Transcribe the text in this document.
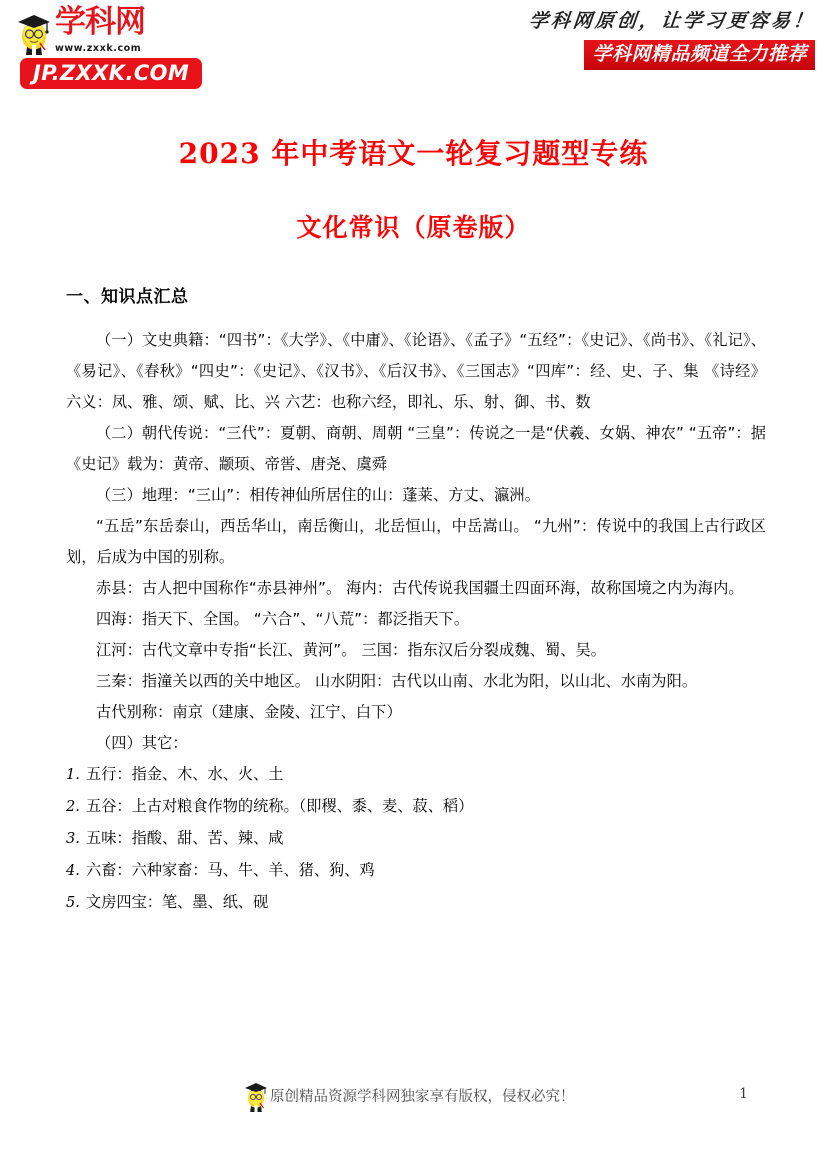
学科网 www.zxxk.com
JP.ZXXK.COM
学科网原创，让学习更容易！
学科网精品频道全力推荐
2023 年中考语文一轮复习题型专练
文化常识（原卷版）
一、知识点汇总

（一）文史典籍：“四书”：《大学》、《中庸》、《论语》、《孟子》“五经”：《史记》、《尚书》、《礼记》、《易记》、《春秋》“四史”：《史记》、《汉书》、《后汉书》、《三国志》“四库”：经、史、子、集 《诗经》六义：凤、雅、颂、赋、比、兴 六艺：也称六经，即礼、乐、射、御、书、数

（二）朝代传说：“三代”：夏朝、商朝、周朝 “三皇”：传说之一是“伏羲、女娲、神农” “五帝”：据《史记》载为：黄帝、颛顼、帝喾、唐尧、虞舜

（三）地理：“三山”：相传神仙所居住的山：蓬莱、方丈、瀛洲。

“五岳”东岳泰山，西岳华山，南岳衡山，北岳恒山，中岳嵩山。 “九州”：传说中的我国上古行政区划，后成为中国的别称。

赤县：古人把中国称作“赤县神州”。 海内：古代传说我国疆土四面环海，故称国境之内为海内。

四海：指天下、全国。 “六合”、“八荒”：都泛指天下。

江河：古代文章中专指“长江、黄河”。 三国：指东汉后分裂成魏、蜀、吴。

三秦：指潼关以西的关中地区。 山水阴阳：古代以山南、水北为阳，以山北、水南为阳。

古代别称：南京（建康、金陵、江宁、白下）

（四）其它：

1. 五行：指金、木、水、火、土
2. 五谷：上古对粮食作物的统称。（即稷、黍、麦、菽、稻）
3. 五味：指酸、甜、苦、辣、咸
4. 六畜：六种家畜：马、牛、羊、猪、狗、鸡
5. 文房四宝：笔、墨、纸、砚
原创精品资源学科网独家享有版权，侵权必究！	1
